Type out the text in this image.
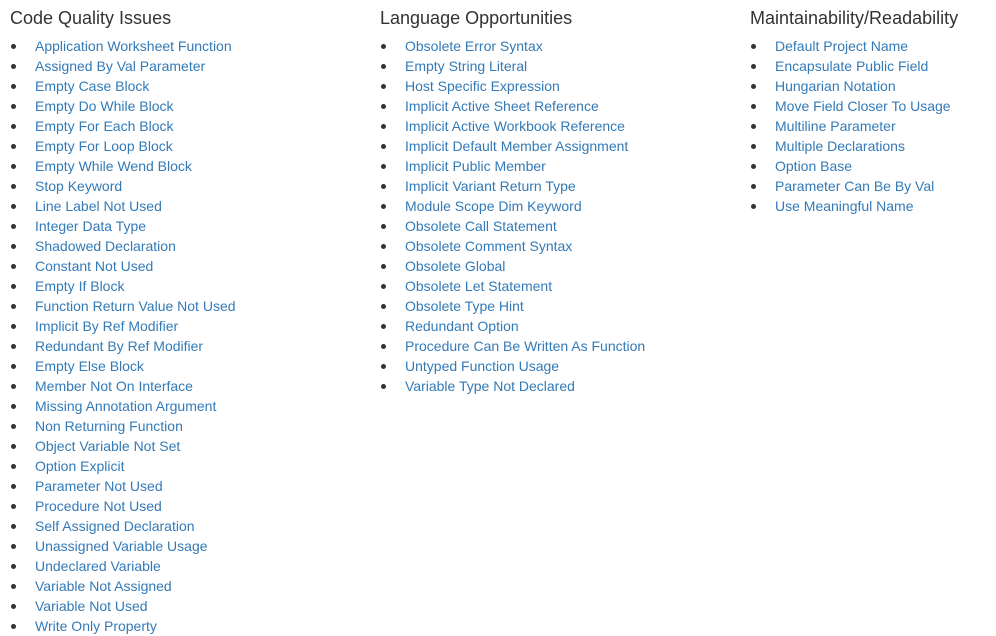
Code Quality Issues
Application Worksheet Function
Assigned By Val Parameter
Empty Case Block
Empty Do While Block
Empty For Each Block
Empty For Loop Block
Empty While Wend Block
Stop Keyword
Line Label Not Used
Integer Data Type
Shadowed Declaration
Constant Not Used
Empty If Block
Function Return Value Not Used
Implicit By Ref Modifier
Redundant By Ref Modifier
Empty Else Block
Member Not On Interface
Missing Annotation Argument
Non Returning Function
Object Variable Not Set
Option Explicit
Parameter Not Used
Procedure Not Used
Self Assigned Declaration
Unassigned Variable Usage
Undeclared Variable
Variable Not Assigned
Variable Not Used
Write Only Property
Language Opportunities
Obsolete Error Syntax
Empty String Literal
Host Specific Expression
Implicit Active Sheet Reference
Implicit Active Workbook Reference
Implicit Default Member Assignment
Implicit Public Member
Implicit Variant Return Type
Module Scope Dim Keyword
Obsolete Call Statement
Obsolete Comment Syntax
Obsolete Global
Obsolete Let Statement
Obsolete Type Hint
Redundant Option
Procedure Can Be Written As Function
Untyped Function Usage
Variable Type Not Declared
Maintainability/Readability
Default Project Name
Encapsulate Public Field
Hungarian Notation
Move Field Closer To Usage
Multiline Parameter
Multiple Declarations
Option Base
Parameter Can Be By Val
Use Meaningful Name
